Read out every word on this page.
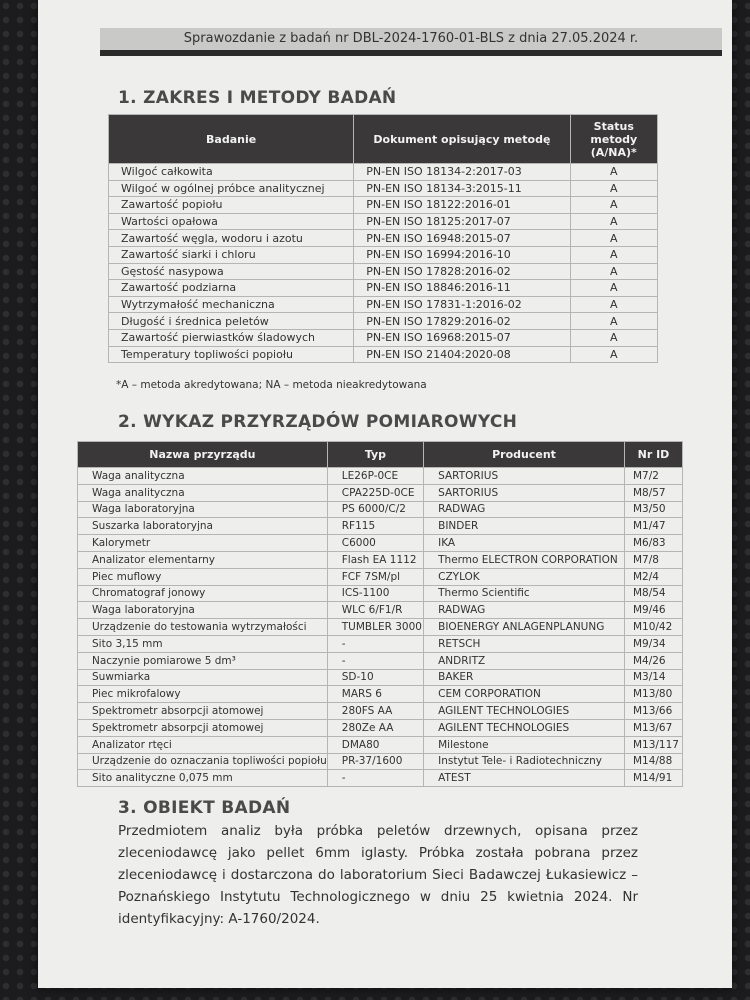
Sprawozdanie z badań nr DBL-2024-1760-01-BLS z dnia 27.05.2024 r.
1. ZAKRES I METODY BADAŃ
Badanie	Dokument opisujący metodę	Status metody (A/NA)*
Wilgoć całkowita	PN-EN ISO 18134-2:2017-03	A
Wilgoć w ogólnej próbce analitycznej	PN-EN ISO 18134-3:2015-11	A
Zawartość popiołu	PN-EN ISO 18122:2016-01	A
Wartości opałowa	PN-EN ISO 18125:2017-07	A
Zawartość węgla, wodoru i azotu	PN-EN ISO 16948:2015-07	A
Zawartość siarki i chloru	PN-EN ISO 16994:2016-10	A
Gęstość nasypowa	PN-EN ISO 17828:2016-02	A
Zawartość podziarna	PN-EN ISO 18846:2016-11	A
Wytrzymałość mechaniczna	PN-EN ISO 17831-1:2016-02	A
Długość i średnica peletów	PN-EN ISO 17829:2016-02	A
Zawartość pierwiastków śladowych	PN-EN ISO 16968:2015-07	A
Temperatury topliwości popiołu	PN-EN ISO 21404:2020-08	A
*A – metoda akredytowana; NA – metoda nieakredytowana
2. WYKAZ PRZYRZĄDÓW POMIAROWYCH
Nazwa przyrządu	Typ	Producent	Nr ID
Waga analityczna	LE26P-0CE	SARTORIUS	M7/2
Waga analityczna	CPA225D-0CE	SARTORIUS	M8/57
Waga laboratoryjna	PS 6000/C/2	RADWAG	M3/50
Suszarka laboratoryjna	RF115	BINDER	M1/47
Kalorymetr	C6000	IKA	M6/83
Analizator elementarny	Flash EA 1112	Thermo ELECTRON CORPORATION	M7/8
Piec muflowy	FCF 7SM/pl	CZYLOK	M2/4
Chromatograf jonowy	ICS-1100	Thermo Scientific	M8/54
Waga laboratoryjna	WLC 6/F1/R	RADWAG	M9/46
Urządzenie do testowania wytrzymałości	TUMBLER 3000	BIOENERGY ANLAGENPLANUNG	M10/42
Sito 3,15 mm	-	RETSCH	M9/34
Naczynie pomiarowe 5 dm³	-	ANDRITZ	M4/26
Suwmiarka	SD-10	BAKER	M3/14
Piec mikrofalowy	MARS 6	CEM CORPORATION	M13/80
Spektrometr absorpcji atomowej	280FS AA	AGILENT TECHNOLOGIES	M13/66
Spektrometr absorpcji atomowej	280Ze AA	AGILENT TECHNOLOGIES	M13/67
Analizator rtęci	DMA80	Milestone	M13/117
Urządzenie do oznaczania topliwości popiołu	PR-37/1600	Instytut Tele- i Radiotechniczny	M14/88
Sito analityczne 0,075 mm	-	ATEST	M14/91
3. OBIEKT BADAŃ
Przedmiotem analiz była próbka peletów drzewnych, opisana przez zleceniodawcę jako pellet 6mm iglasty. Próbka została pobrana przez zleceniodawcę i dostarczona do laboratorium Sieci Badawczej Łukasiewicz – Poznańskiego Instytutu Technologicznego w dniu 25 kwietnia 2024. Nr identyfikacyjny: A-1760/2024.
